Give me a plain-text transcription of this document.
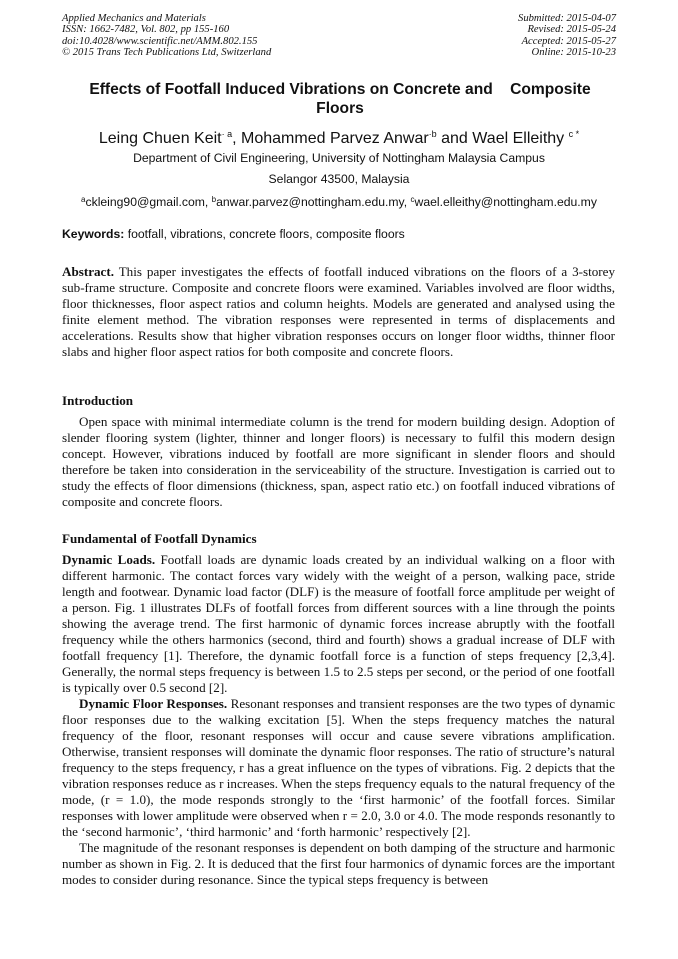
Applied Mechanics and Materials
ISSN: 1662-7482, Vol. 802, pp 155-160
doi:10.4028/www.scientific.net/AMM.802.155
© 2015 Trans Tech Publications Ltd, Switzerland
Submitted: 2015-04-07
Revised: 2015-05-24
Accepted: 2015-05-27
Online: 2015-10-23
Effects of Footfall Induced Vibrations on Concrete and    Composite
Floors
Leing Chuen Keit$^{\cdot a}$, Mohammed Parvez Anwar$^{\cdot b}$ and Wael Elleithy $^{c *}$
Department of Civil Engineering, University of Nottingham Malaysia Campus
Selangor 43500, Malaysia
$^a$ckleing90@gmail.com, $^b$anwar.parvez@nottingham.edu.my, $^c$wael.elleithy@nottingham.edu.my
Keywords: footfall, vibrations, concrete floors, composite floors

Abstract. This paper investigates the effects of footfall induced vibrations on the floors of a 3-storey sub-frame structure. Composite and concrete floors were examined. Variables involved are floor widths, floor thicknesses, floor aspect ratios and column heights. Models are generated and analysed using the finite element method. The vibration responses were represented in terms of displacements and accelerations. Results show that higher vibration responses occurs on longer floor widths, thinner floor slabs and higher floor aspect ratios for both composite and concrete floors.

Introduction

Open space with minimal intermediate column is the trend for modern building design. Adoption of slender flooring system (lighter, thinner and longer floors) is necessary to fulfil this modern design concept. However, vibrations induced by footfall are more significant in slender floors and should therefore be taken into consideration in the serviceability of the structure. Investigation is carried out to study the effects of floor dimensions (thickness, span, aspect ratio etc.) on footfall induced vibrations of composite and concrete floors.

Fundamental of Footfall Dynamics

Dynamic Loads. Footfall loads are dynamic loads created by an individual walking on a floor with different harmonic. The contact forces vary widely with the weight of a person, walking pace, stride length and footwear. Dynamic load factor (DLF) is the measure of footfall force amplitude per weight of a person. Fig. 1 illustrates DLFs of footfall forces from different sources with a line through the points showing the average trend. The first harmonic of dynamic forces increase abruptly with the footfall frequency while the others harmonics (second, third and fourth) shows a gradual increase of DLF with footfall frequency [1]. Therefore, the dynamic footfall force is a function of steps frequency [2,3,4]. Generally, the normal steps frequency is between 1.5 to 2.5 steps per second, or the period of one footfall is typically over 0.5 second [2].

Dynamic Floor Responses. Resonant responses and transient responses are the two types of dynamic floor responses due to the walking excitation [5]. When the steps frequency matches the natural frequency of the floor, resonant responses will occur and cause severe vibrations amplification. Otherwise, transient responses will dominate the dynamic floor responses. The ratio of structure’s natural frequency to the steps frequency, r has a great influence on the types of vibrations. Fig. 2 depicts that the vibration responses reduce as r increases. When the steps frequency equals to the natural frequency of the mode, (r = 1.0), the mode responds strongly to the ‘first harmonic’ of the footfall forces. Similar responses with lower amplitude were observed when r = 2.0, 3.0 or 4.0. The mode responds resonantly to the ‘second harmonic’, ‘third harmonic’ and ‘forth harmonic’ respectively [2].

The magnitude of the resonant responses is dependent on both damping of the structure and harmonic number as shown in Fig. 2. It is deduced that the first four harmonics of dynamic forces are the important modes to consider during resonance. Since the typical steps frequency is between
